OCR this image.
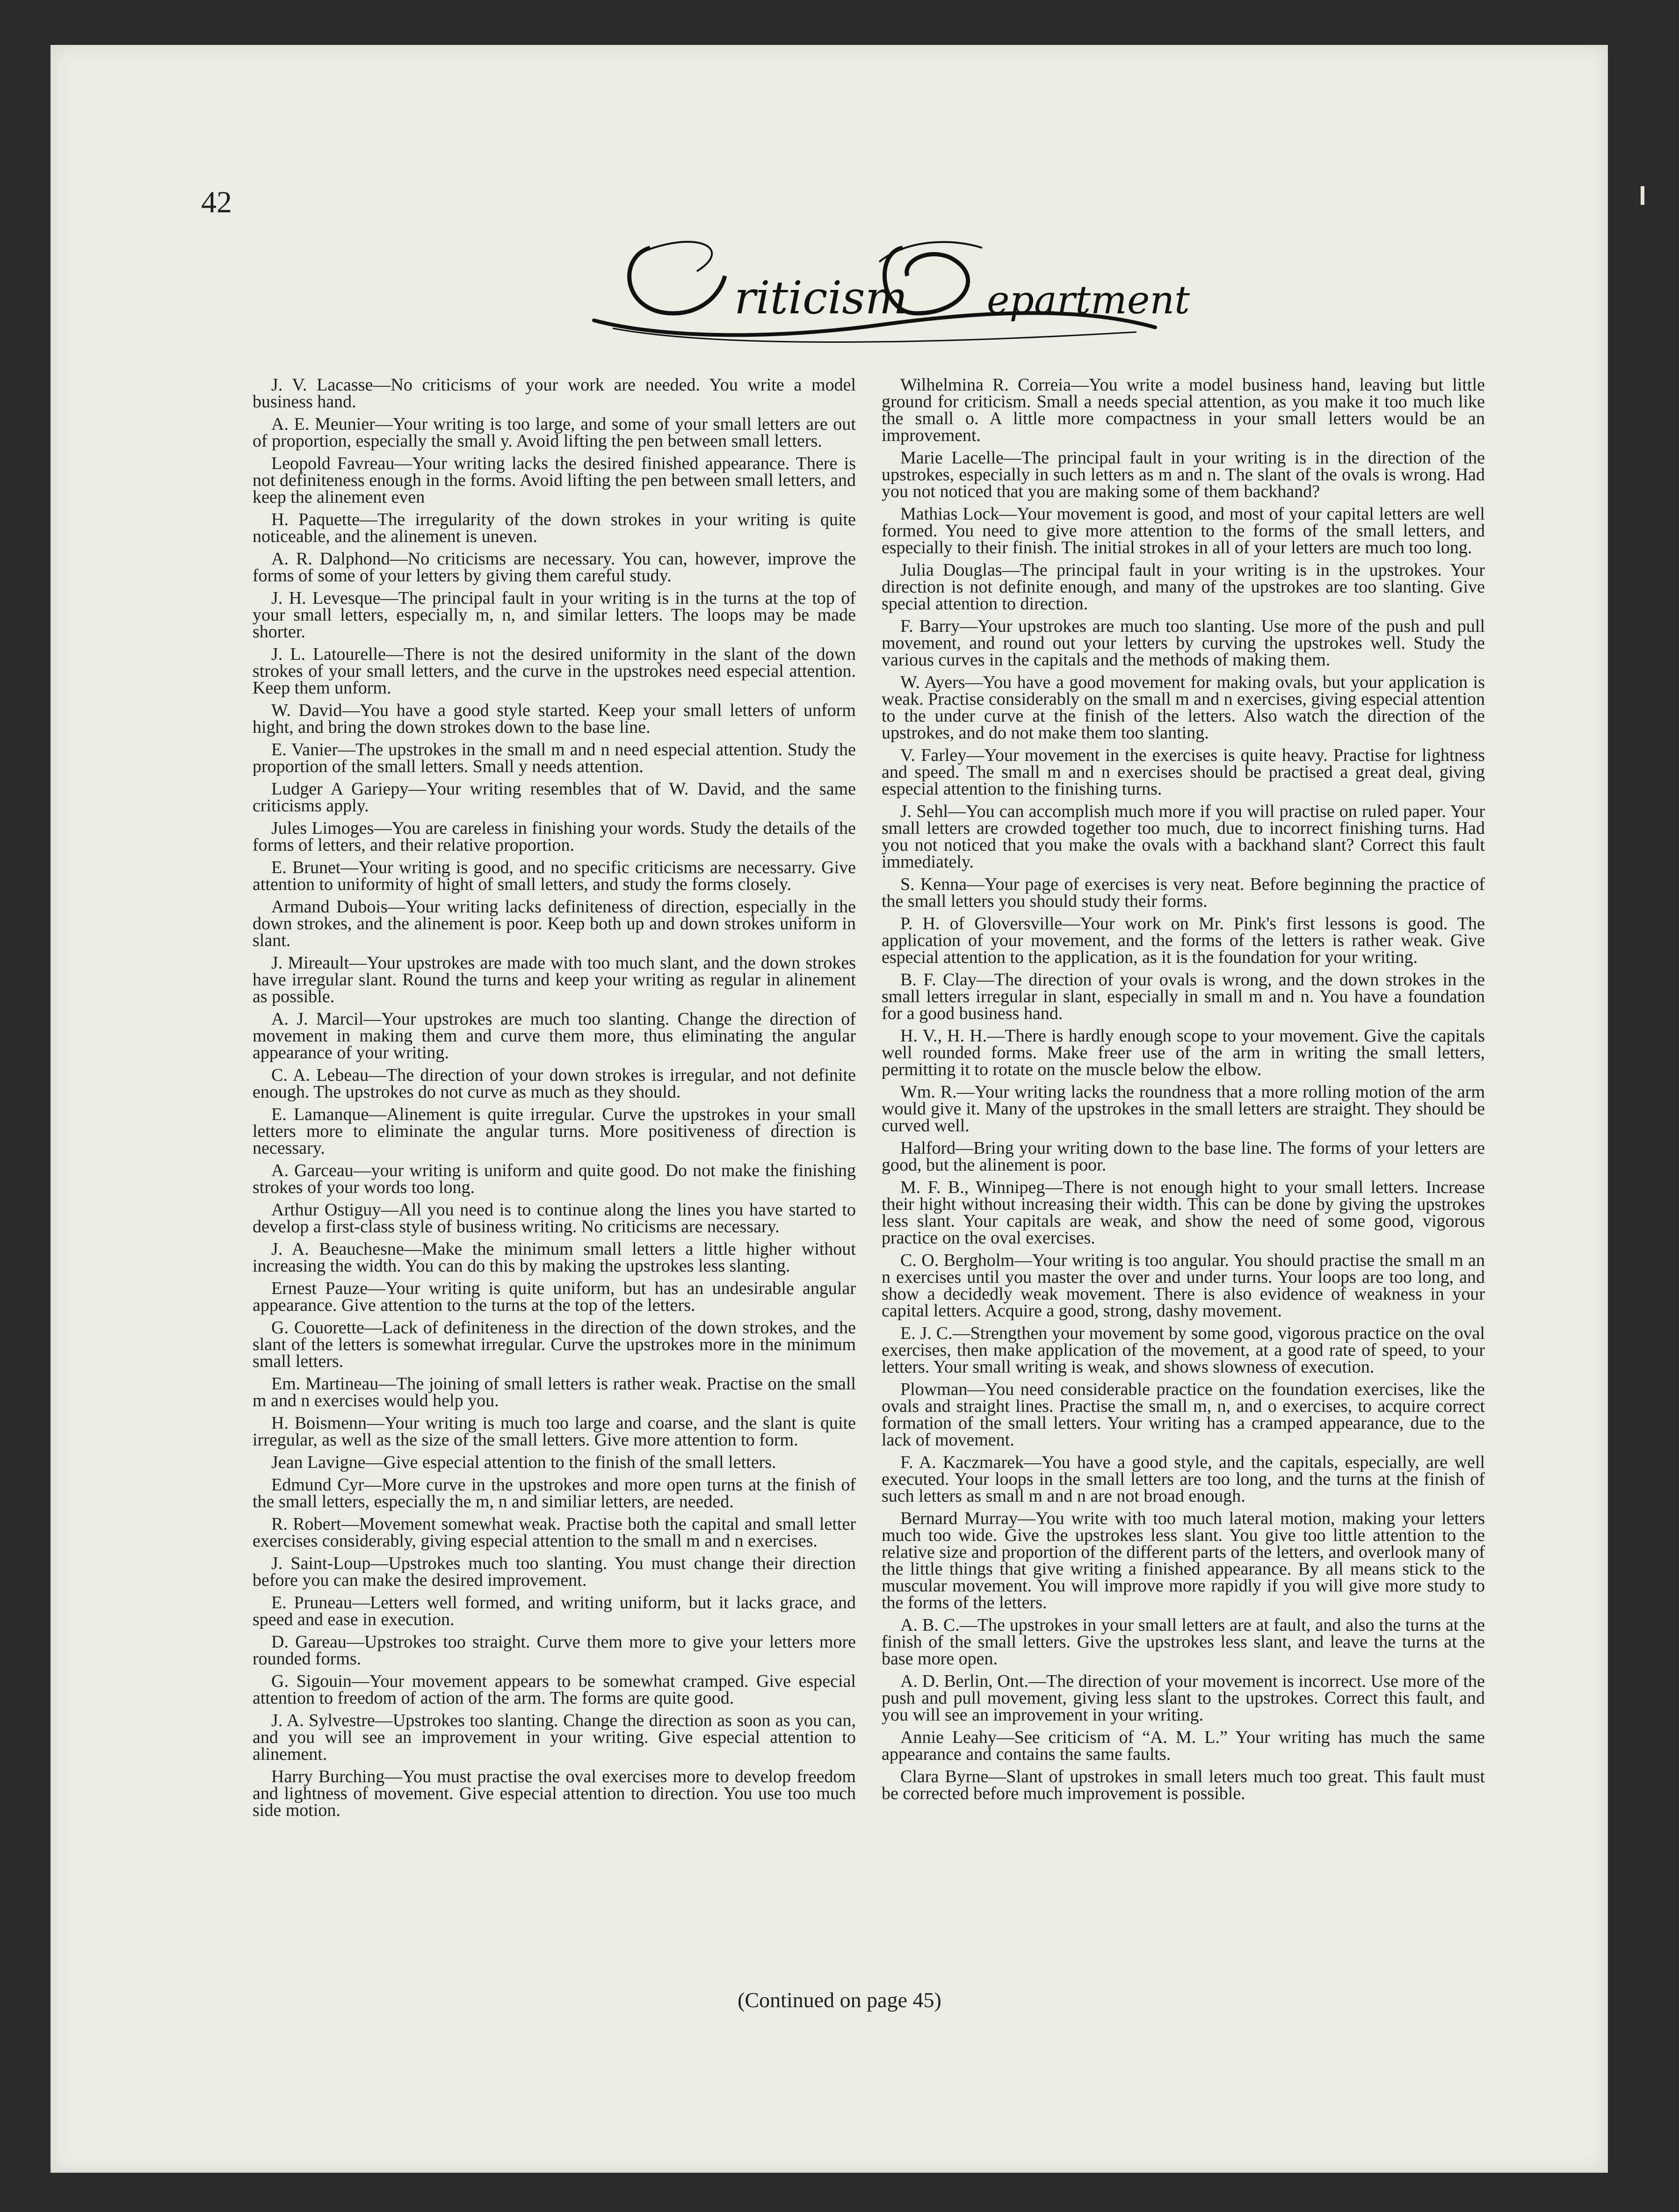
42
riticism epartment

J. V. Lacasse—No criticisms of your work are needed. You write a model business hand.

A. E. Meunier—Your writing is too large, and some of your small letters are out of proportion, especially the small y. Avoid lifting the pen between small letters.

Leopold Favreau—Your writing lacks the desired finished appearance. There is not definiteness enough in the forms. Avoid lifting the pen between small letters, and keep the alinement even

H. Paquette—The irregularity of the down strokes in your writing is quite noticeable, and the alinement is uneven.

A. R. Dalphond—No criticisms are necessary. You can, however, improve the forms of some of your letters by giving them careful study.

J. H. Levesque—The principal fault in your writing is in the turns at the top of your small letters, especially m, n, and similar letters. The loops may be made shorter.

J. L. Latourelle—There is not the desired uniformity in the slant of the down strokes of your small letters, and the curve in the upstrokes need especial attention. Keep them unform.

W. David—You have a good style started. Keep your small letters of unform hight, and bring the down strokes down to the base line.

E. Vanier—The upstrokes in the small m and n need especial attention. Study the proportion of the small letters. Small y needs attention.

Ludger A Gariepy—Your writing resembles that of W. David, and the same criticisms apply.

Jules Limoges—You are careless in finishing your words. Study the details of the forms of letters, and their relative proportion.

E. Brunet—Your writing is good, and no specific criticisms are necessarry. Give attention to uniformity of hight of small letters, and study the forms closely.

Armand Dubois—Your writing lacks definiteness of direction, especially in the down strokes, and the alinement is poor. Keep both up and down strokes uniform in slant.

J. Mireault—Your upstrokes are made with too much slant, and the down strokes have irregular slant. Round the turns and keep your writing as regular in alinement as possible.

A. J. Marcil—Your upstrokes are much too slanting. Change the direction of movement in making them and curve them more, thus eliminating the angular appearance of your writing.

C. A. Lebeau—The direction of your down strokes is irregular, and not definite enough. The upstrokes do not curve as much as they should.

E. Lamanque—Alinement is quite irregular. Curve the upstrokes in your small letters more to eliminate the angular turns. More positiveness of direction is necessary.

A. Garceau—your writing is uniform and quite good. Do not make the finishing strokes of your words too long.

Arthur Ostiguy—All you need is to continue along the lines you have started to develop a first-class style of business writing. No criticisms are necessary.

J. A. Beauchesne—Make the minimum small letters a little higher without increasing the width. You can do this by making the upstrokes less slanting.

Ernest Pauze—Your writing is quite uniform, but has an undesirable angular appearance. Give attention to the turns at the top of the letters.

G. Couorette—Lack of definiteness in the direction of the down strokes, and the slant of the letters is somewhat irregular. Curve the upstrokes more in the minimum small letters.

Em. Martineau—The joining of small letters is rather weak. Practise on the small m and n exercises would help you.

H. Boismenn—Your writing is much too large and coarse, and the slant is quite irregular, as well as the size of the small letters. Give more attention to form.

Jean Lavigne—Give especial attention to the finish of the small letters.

Edmund Cyr—More curve in the upstrokes and more open turns at the finish of the small letters, especially the m, n and similiar letters, are needed.

R. Robert—Movement somewhat weak. Practise both the capital and small letter exercises considerably, giving especial attention to the small m and n exercises.

J. Saint-Loup—Upstrokes much too slanting. You must change their direction before you can make the desired improvement.

E. Pruneau—Letters well formed, and writing uniform, but it lacks grace, and speed and ease in execution.

D. Gareau—Upstrokes too straight. Curve them more to give your letters more rounded forms.

G. Sigouin—Your movement appears to be somewhat cramped. Give especial attention to freedom of action of the arm. The forms are quite good.

J. A. Sylvestre—Upstrokes too slanting. Change the direction as soon as you can, and you will see an improvement in your writing. Give especial attention to alinement.

Harry Burching—You must practise the oval exercises more to develop freedom and lightness of movement. Give especial attention to direction. You use too much side motion.

Wilhelmina R. Correia—You write a model business hand, leaving but little ground for criticism. Small a needs special attention, as you make it too much like the small o. A little more compactness in your small letters would be an improvement.

Marie Lacelle—The principal fault in your writing is in the direction of the upstrokes, especially in such letters as m and n. The slant of the ovals is wrong. Had you not noticed that you are making some of them backhand?

Mathias Lock—Your movement is good, and most of your capital letters are well formed. You need to give more attention to the forms of the small letters, and especially to their finish. The initial strokes in all of your letters are much too long.

Julia Douglas—The principal fault in your writing is in the upstrokes. Your direction is not definite enough, and many of the upstrokes are too slanting. Give special attention to direction.

F. Barry—Your upstrokes are much too slanting. Use more of the push and pull movement, and round out your letters by curving the upstrokes well. Study the various curves in the capitals and the methods of making them.

W. Ayers—You have a good movement for making ovals, but your application is weak. Practise considerably on the small m and n exercises, giving especial attention to the under curve at the finish of the letters. Also watch the direction of the upstrokes, and do not make them too slanting.

V. Farley—Your movement in the exercises is quite heavy. Practise for lightness and speed. The small m and n exercises should be practised a great deal, giving especial attention to the finishing turns.

J. Sehl—You can accomplish much more if you will practise on ruled paper. Your small letters are crowded together too much, due to incorrect finishing turns. Had you not noticed that you make the ovals with a backhand slant? Correct this fault immediately.

S. Kenna—Your page of exercises is very neat. Before beginning the practice of the small letters you should study their forms.

P. H. of Gloversville—Your work on Mr. Pink's first lessons is good. The application of your movement, and the forms of the letters is rather weak. Give especial attention to the application, as it is the foundation for your writing.

B. F. Clay—The direction of your ovals is wrong, and the down strokes in the small letters irregular in slant, especially in small m and n. You have a foundation for a good business hand.

H. V., H. H.—There is hardly enough scope to your movement. Give the capitals well rounded forms. Make freer use of the arm in writing the small letters, permitting it to rotate on the muscle below the elbow.

Wm. R.—Your writing lacks the roundness that a more rolling motion of the arm would give it. Many of the upstrokes in the small letters are straight. They should be curved well.

Halford—Bring your writing down to the base line. The forms of your letters are good, but the alinement is poor.

M. F. B., Winnipeg—There is not enough hight to your small letters. Increase their hight without increasing their width. This can be done by giving the upstrokes less slant. Your capitals are weak, and show the need of some good, vigorous practice on the oval exercises.

C. O. Bergholm—Your writing is too angular. You should practise the small m an n exercises until you master the over and under turns. Your loops are too long, and show a decidedly weak movement. There is also evidence of weakness in your capital letters. Acquire a good, strong, dashy movement.

E. J. C.—Strengthen your movement by some good, vigorous practice on the oval exercises, then make application of the movement, at a good rate of speed, to your letters. Your small writing is weak, and shows slowness of execution.

Plowman—You need considerable practice on the foundation exercises, like the ovals and straight lines. Practise the small m, n, and o exercises, to acquire correct formation of the small letters. Your writing has a cramped appearance, due to the lack of movement.

F. A. Kaczmarek—You have a good style, and the capitals, especially, are well executed. Your loops in the small letters are too long, and the turns at the finish of such letters as small m and n are not broad enough.

Bernard Murray—You write with too much lateral motion, making your letters much too wide. Give the upstrokes less slant. You give too little attention to the relative size and proportion of the different parts of the letters, and overlook many of the little things that give writing a finished appearance. By all means stick to the muscular movement. You will improve more rapidly if you will give more study to the forms of the letters.

A. B. C.—The upstrokes in your small letters are at fault, and also the turns at the finish of the small letters. Give the upstrokes less slant, and leave the turns at the base more open.

A. D. Berlin, Ont.—The direction of your movement is incorrect. Use more of the push and pull movement, giving less slant to the upstrokes. Correct this fault, and you will see an improvement in your writing.

Annie Leahy—See criticism of “A. M. L.” Your writing has much the same appearance and contains the same faults.

Clara Byrne—Slant of upstrokes in small leters much too great. This fault must be corrected before much improvement is possible.

(Continued on page 45)
